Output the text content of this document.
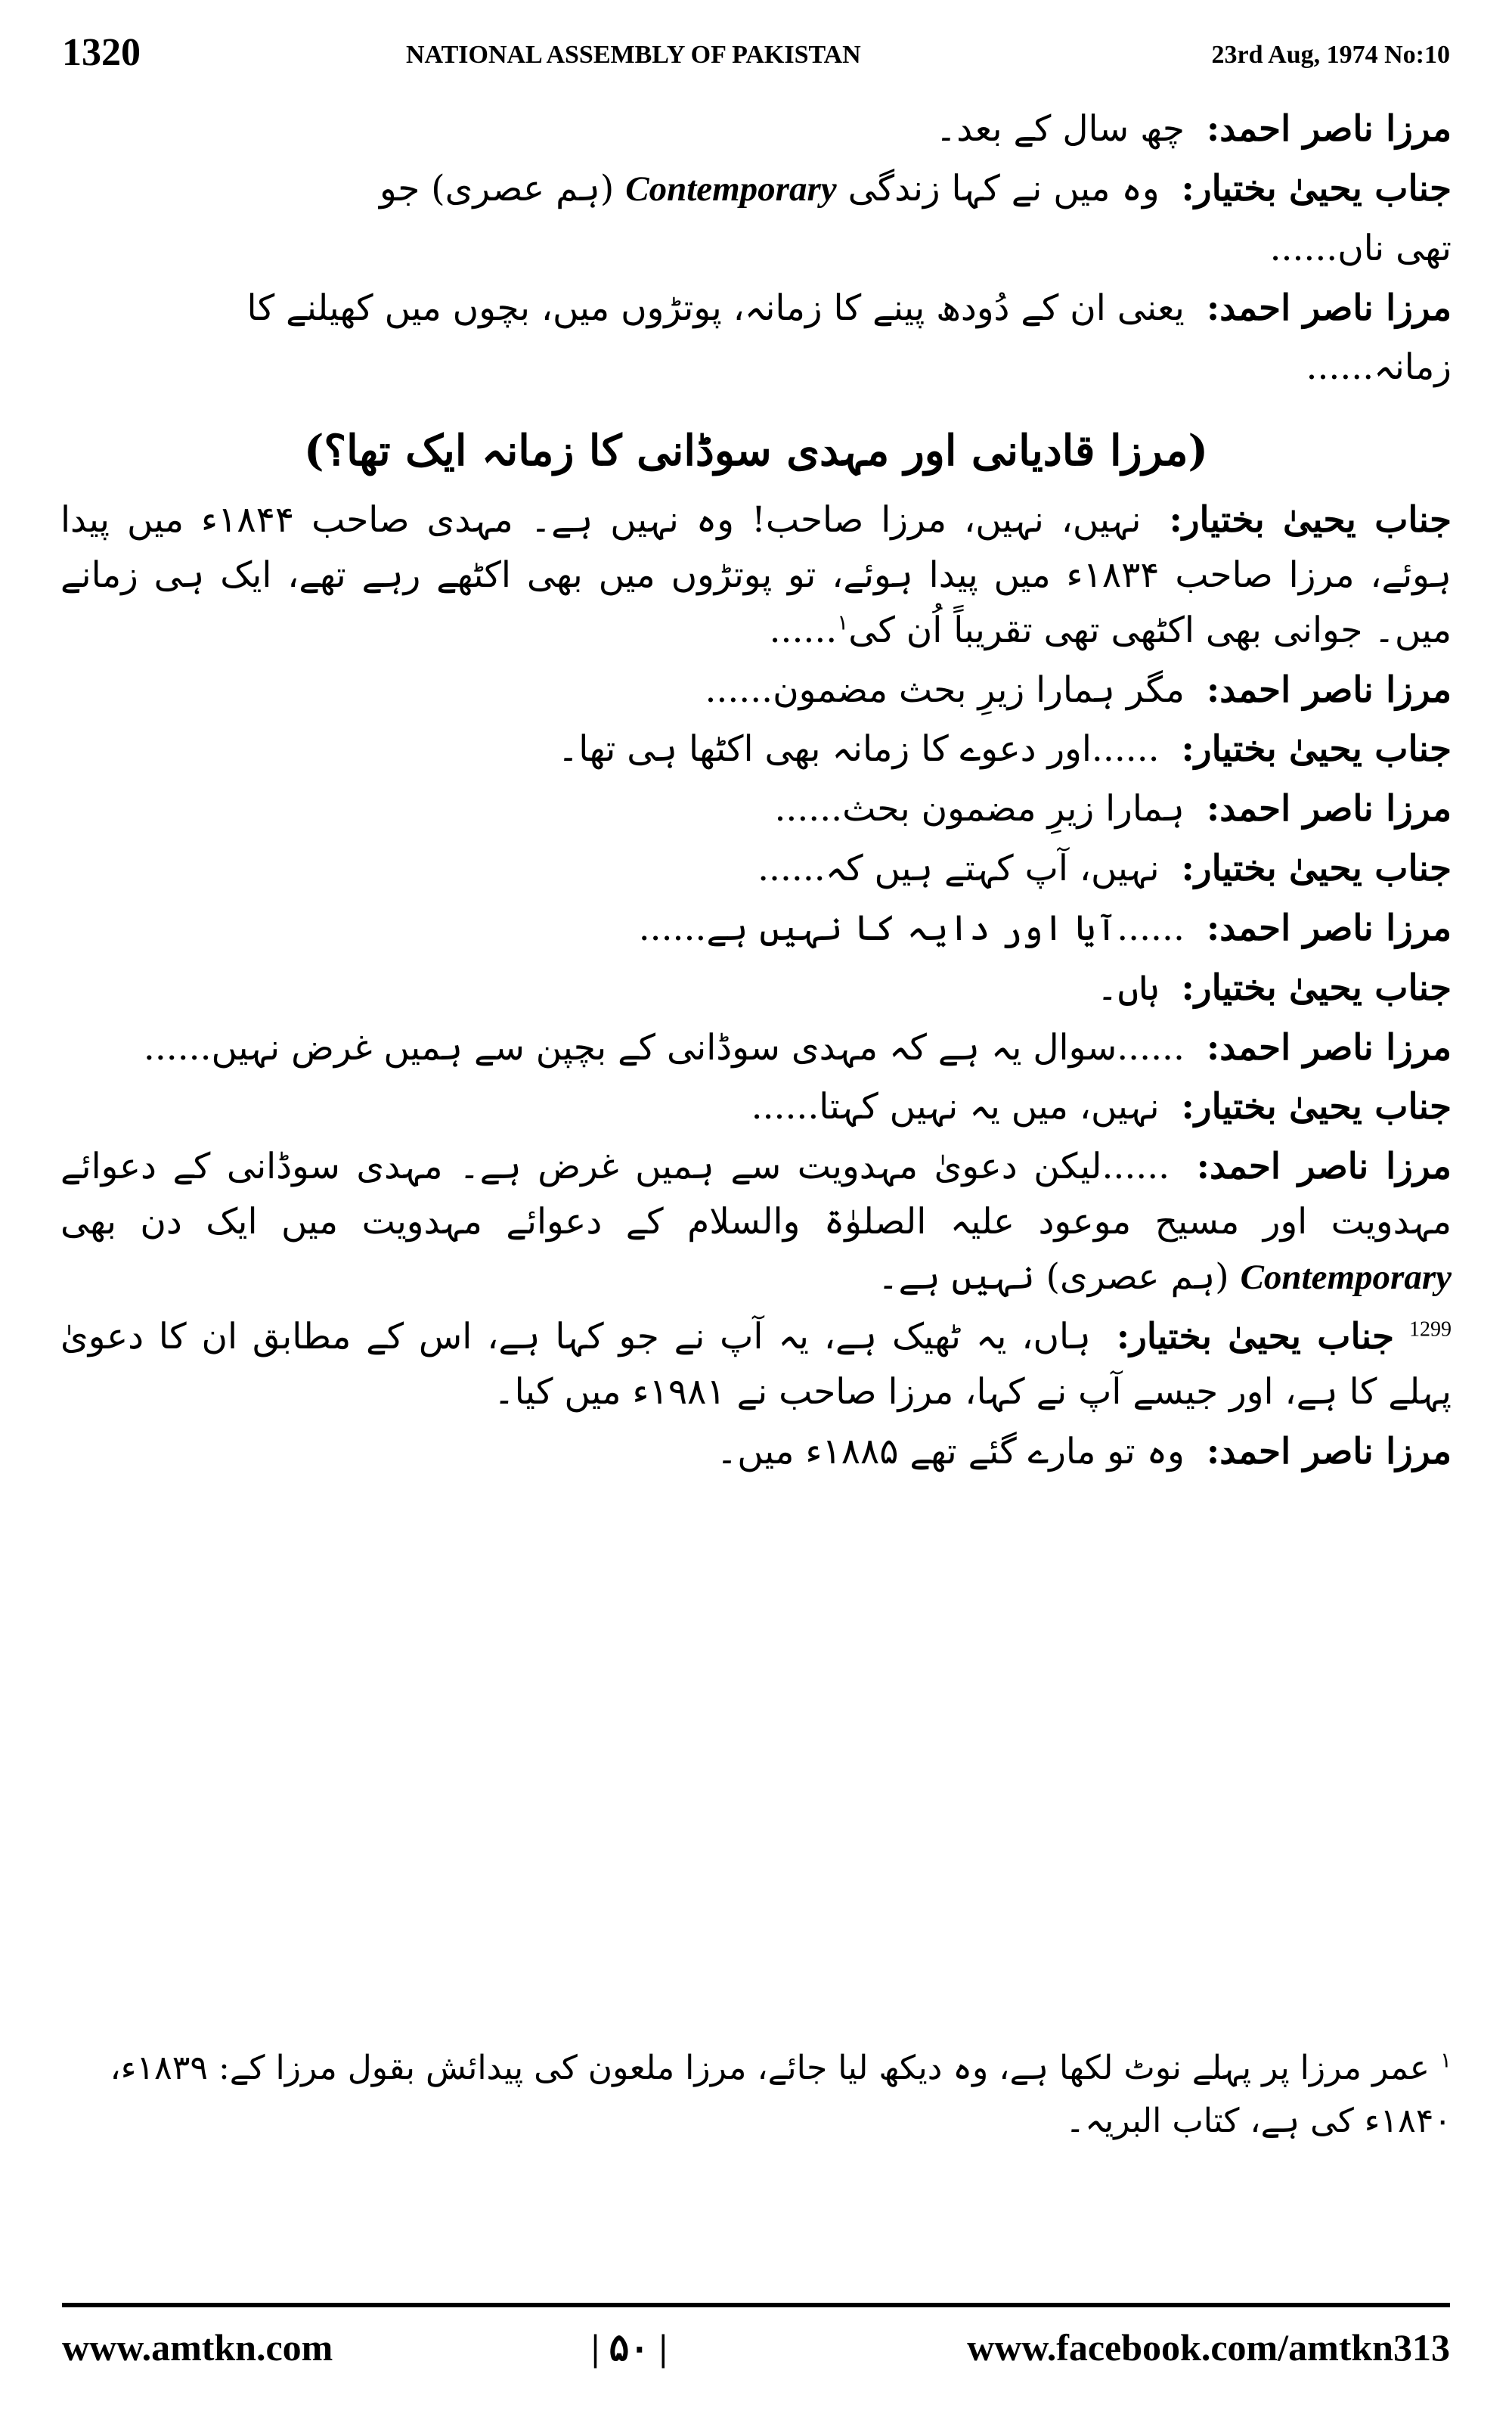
1320	NATIONAL ASSEMBLY OF PAKISTAN	23rd Aug, 1974 No:10
مرزا ناصر احمد: چھ سال کے بعد۔
جناب یحییٰ بختیار: وہ میں نے کہا زندگی Contemporary (ہم عصری) جو
تھی ناں......
مرزا ناصر احمد: یعنی ان کے دُودھ پینے کا زمانہ، پوتڑوں میں، بچوں میں کھیلنے کا
زمانہ......
(مرزا قادیانی اور مہدی سوڈانی کا زمانہ ایک تھا؟)
جناب یحییٰ بختیار: نہیں، نہیں، مرزا صاحب! وہ نہیں ہے۔ مہدی صاحب ۱۸۴۴ء میں پیدا ہوئے، مرزا صاحب ۱۸۳۴ء میں پیدا ہوئے، تو پوتڑوں میں بھی اکٹھے رہے تھے، ایک ہی زمانے میں۔ جوانی بھی اکٹھی تھی تقریباً اُن کی$^۱$......
مرزا ناصر احمد: مگر ہمارا زیرِ بحث مضمون......
جناب یحییٰ بختیار: ......اور دعوے کا زمانہ بھی اکٹھا ہی تھا۔
مرزا ناصر احمد: ہمارا زیرِ مضمون بحث......
جناب یحییٰ بختیار: نہیں، آپ کہتے ہیں کہ......
مرزا ناصر احمد: ......آیا اور دایہ کا نہیں ہے......
جناب یحییٰ بختیار: ہاں۔
مرزا ناصر احمد: ......سوال یہ ہے کہ مہدی سوڈانی کے بچپن سے ہمیں غرض نہیں......
جناب یحییٰ بختیار: نہیں، میں یہ نہیں کہتا......
مرزا ناصر احمد: ......لیکن دعویٰ مہدویت سے ہمیں غرض ہے۔ مہدی سوڈانی کے دعوائے مہدویت اور مسیح موعود علیہ الصلوٰۃ والسلام کے دعوائے مہدویت میں ایک دن بھی Contemporary (ہم عصری) نہیں ہے۔
$^{1299}$ جناب یحییٰ بختیار: ہاں، یہ ٹھیک ہے، یہ آپ نے جو کہا ہے، اس کے مطابق ان کا دعویٰ پہلے کا ہے، اور جیسے آپ نے کہا، مرزا صاحب نے ۱۹۸۱ء میں کیا۔
مرزا ناصر احمد: وہ تو مارے گئے تھے ۱۸۸۵ء میں۔
$^۱$ عمر مرزا پر پہلے نوٹ لکھا ہے، وہ دیکھ لیا جائے، مرزا ملعون کی پیدائش بقول مرزا کے: ۱۸۳۹ء، ۱۸۴۰ء کی ہے، کتاب البریہ۔
www.amtkn.com	| ۵۰ |	www.facebook.com/amtkn313
